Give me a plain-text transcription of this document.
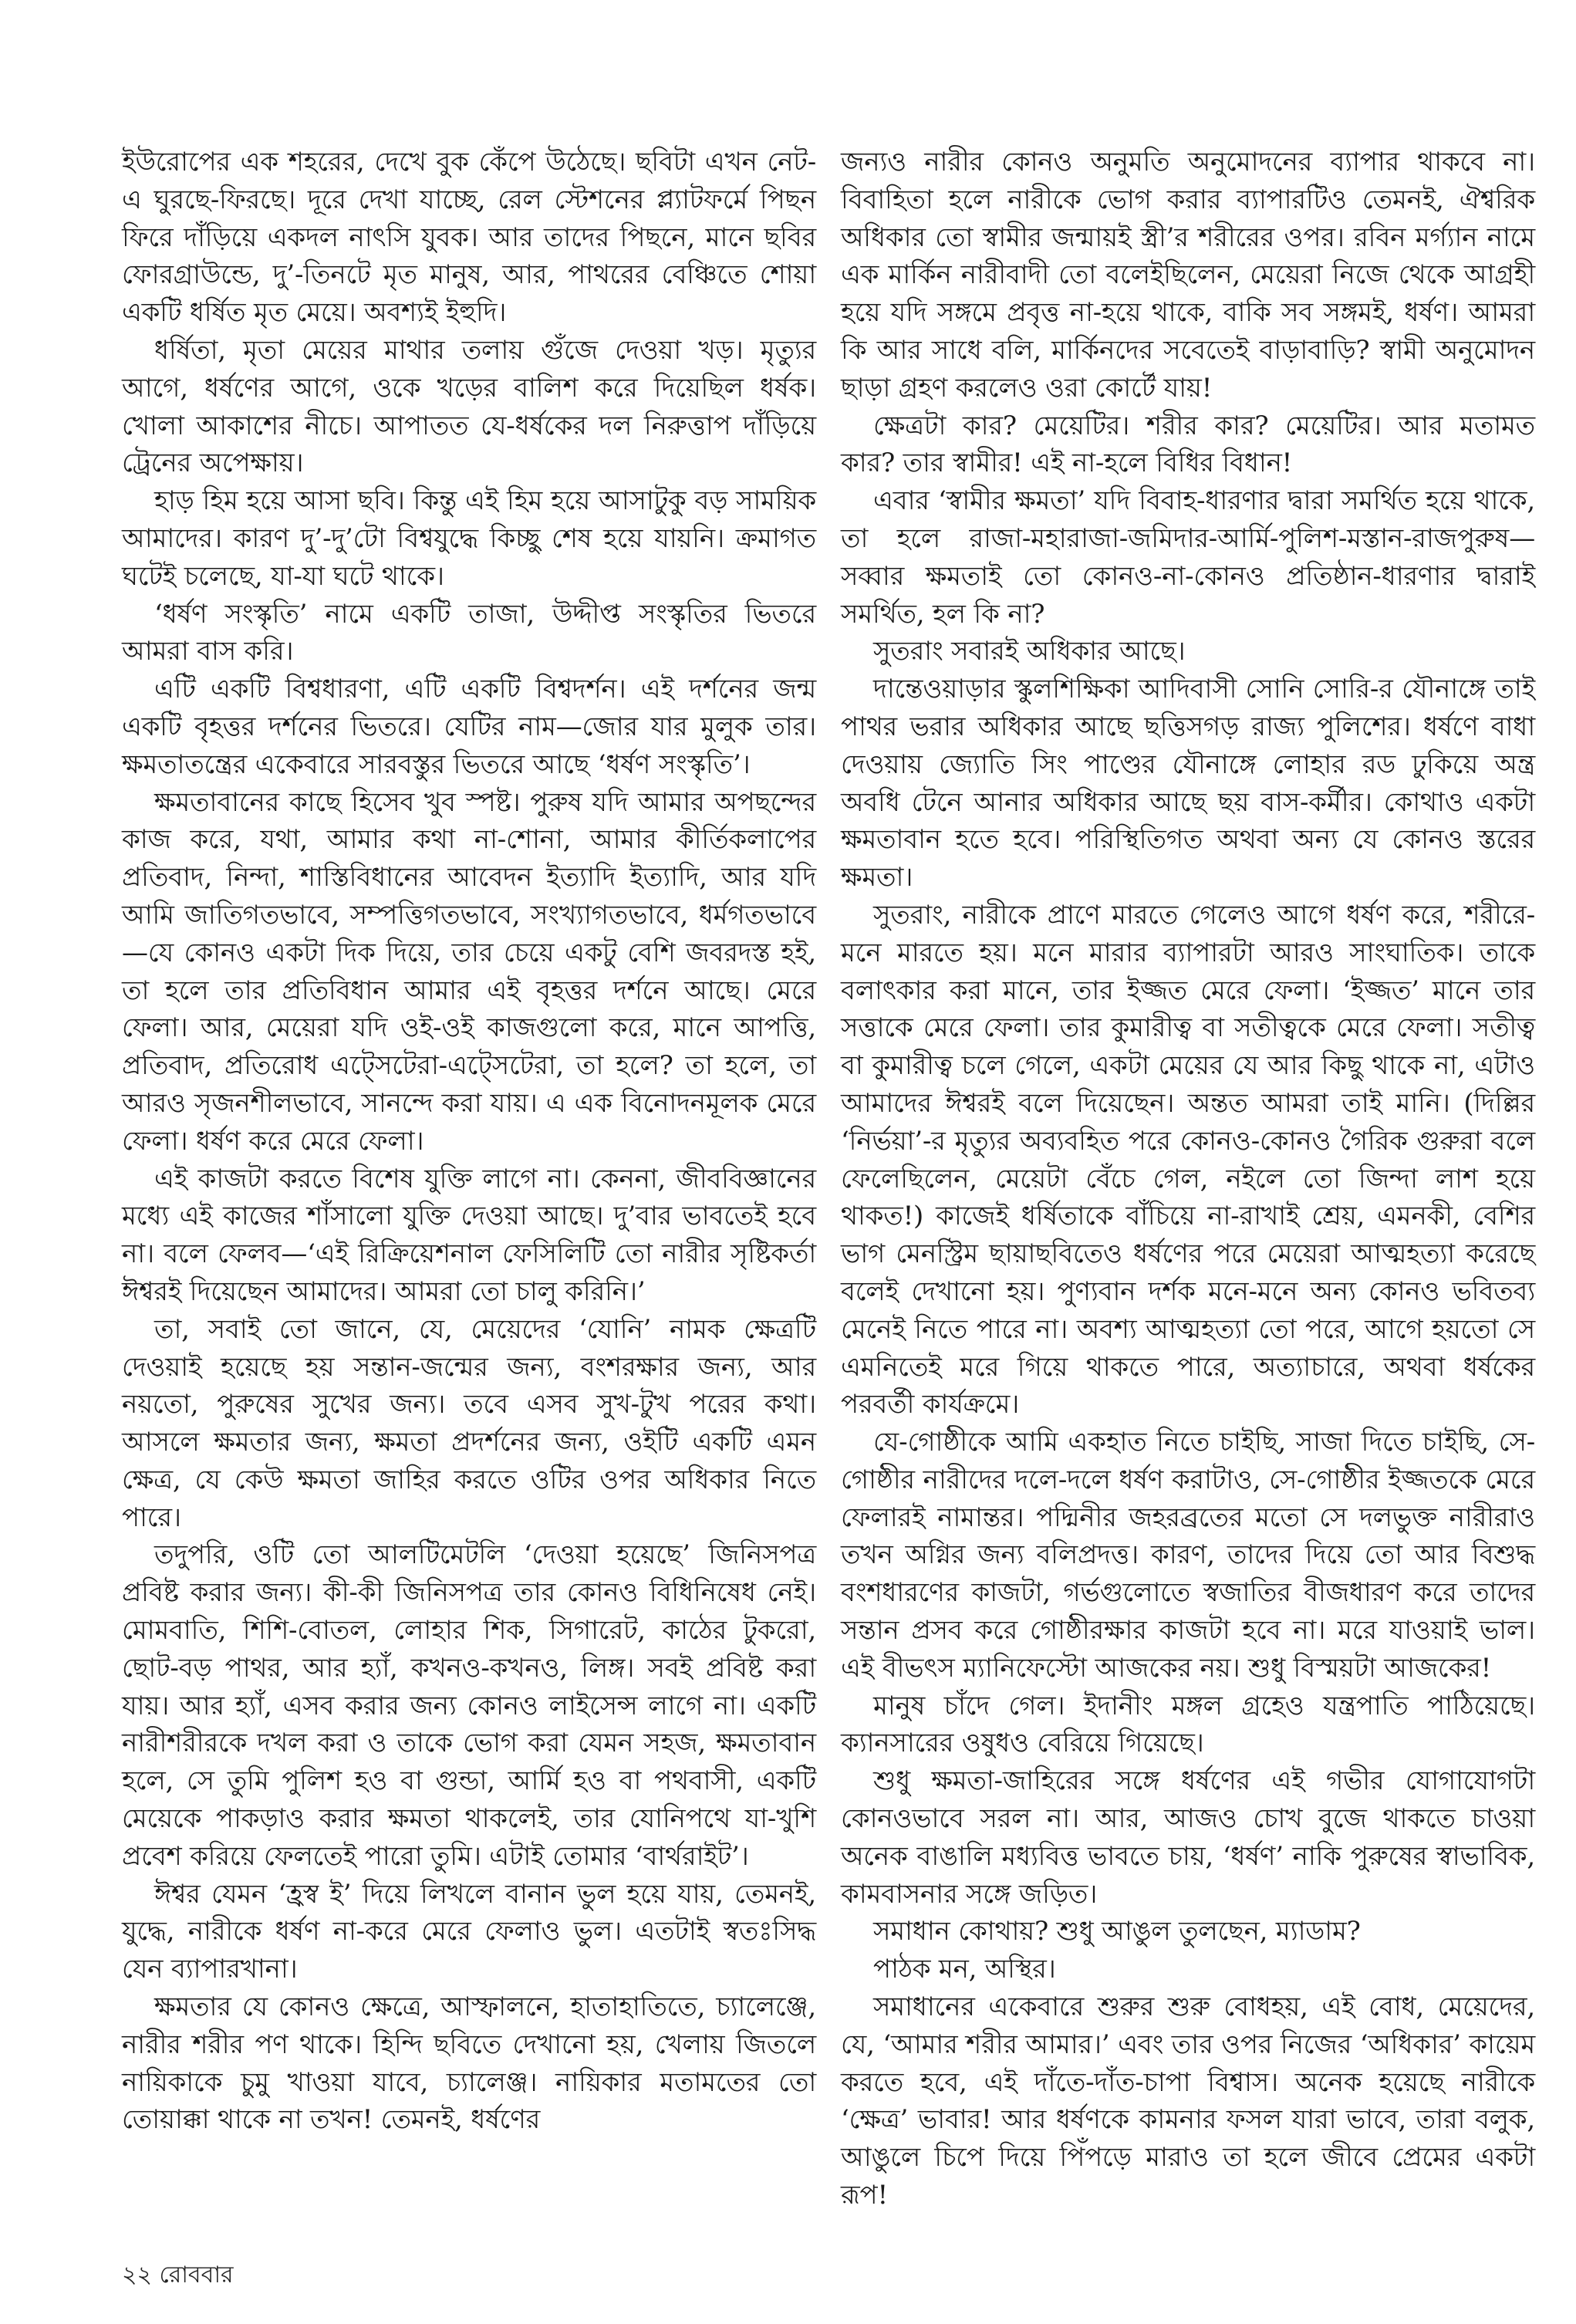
ইউরোপের এক শহরের, দেখে বুক কেঁপে উঠেছে। ছবিটা এখন নেট-এ ঘুরছে-ফিরছে। দূরে দেখা যাচ্ছে, রেল স্টেশনের প্ল্যাটফর্মে পিছন ফিরে দাঁড়িয়ে একদল নাৎসি যুবক। আর তাদের পিছনে, মানে ছবির ফোরগ্রাউন্ডে, দু’-তিনটে মৃত মানুষ, আর, পাথরের বেঞ্চিতে শোয়া একটি ধর্ষিত মৃত মেয়ে। অবশ্যই ইহুদি।

ধর্ষিতা, মৃতা মেয়ের মাথার তলায় গুঁজে দেওয়া খড়। মৃত্যুর আগে, ধর্ষণের আগে, ওকে খড়ের বালিশ করে দিয়েছিল ধর্ষক। খোলা আকাশের নীচে। আপাতত যে-ধর্ষকের দল নিরুত্তাপ দাঁড়িয়ে ট্রেনের অপেক্ষায়।

হাড় হিম হয়ে আসা ছবি। কিন্তু এই হিম হয়ে আসাটুকু বড় সাময়িক আমাদের। কারণ দু’-দু’টো বিশ্বযুদ্ধে কিচ্ছু শেষ হয়ে যায়নি। ক্রমাগত ঘটেই চলেছে, যা-যা ঘটে থাকে।

‘ধর্ষণ সংস্কৃতি’ নামে একটি তাজা, উদ্দীপ্ত সংস্কৃতির ভিতরে আমরা বাস করি।

এটি একটি বিশ্বধারণা, এটি একটি বিশ্বদর্শন। এই দর্শনের জন্ম একটি বৃহত্তর দর্শনের ভিতরে। যেটির নাম—জোর যার মুলুক তার। ক্ষমতাতন্ত্রের একেবারে সারবস্তুর ভিতরে আছে ‘ধর্ষণ সংস্কৃতি’।

ক্ষমতাবানের কাছে হিসেব খুব স্পষ্ট। পুরুষ যদি আমার অপছন্দের কাজ করে, যথা, আমার কথা না-শোনা, আমার কীর্তিকলাপের প্রতিবাদ, নিন্দা, শাস্তিবিধানের আবেদন ইত্যাদি ইত্যাদি, আর যদি আমি জাতিগতভাবে, সম্পত্তিগতভাবে, সংখ্যাগতভাবে, ধর্মগতভাবে—যে কোনও একটা দিক দিয়ে, তার চেয়ে একটু বেশি জবরদস্ত হই, তা হলে তার প্রতিবিধান আমার এই বৃহত্তর দর্শনে আছে। মেরে ফেলা। আর, মেয়েরা যদি ওই-ওই কাজগুলো করে, মানে আপত্তি, প্রতিবাদ, প্রতিরোধ এট্সেটেরা-এট্সেটেরা, তা হলে? তা হলে, তা আরও সৃজনশীলভাবে, সানন্দে করা যায়। এ এক বিনোদনমূলক মেরে ফেলা। ধর্ষণ করে মেরে ফেলা।

এই কাজটা করতে বিশেষ যুক্তি লাগে না। কেননা, জীববিজ্ঞানের মধ্যে এই কাজের শাঁসালো যুক্তি দেওয়া আছে। দু’বার ভাবতেই হবে না। বলে ফেলব—‘এই রিক্রিয়েশনাল ফেসিলিটি তো নারীর সৃষ্টিকর্তা ঈশ্বরই দিয়েছেন আমাদের। আমরা তো চালু করিনি।’

তা, সবাই তো জানে, যে, মেয়েদের ‘যোনি’ নামক ক্ষেত্রটি দেওয়াই হয়েছে হয় সন্তান-জন্মের জন্য, বংশরক্ষার জন্য, আর নয়তো, পুরুষের সুখের জন্য। তবে এসব সুখ-টুখ পরের কথা। আসলে ক্ষমতার জন্য, ক্ষমতা প্রদর্শনের জন্য, ওইটি একটি এমন ক্ষেত্র, যে কেউ ক্ষমতা জাহির করতে ওটির ওপর অধিকার নিতে পারে।

তদুপরি, ওটি তো আলটিমেটলি ‘দেওয়া হয়েছে’ জিনিসপত্র প্রবিষ্ট করার জন্য। কী-কী জিনিসপত্র তার কোনও বিধিনিষেধ নেই। মোমবাতি, শিশি-বোতল, লোহার শিক, সিগারেট, কাঠের টুকরো, ছোট-বড় পাথর, আর হ্যাঁ, কখনও-কখনও, লিঙ্গ। সবই প্রবিষ্ট করা যায়। আর হ্যাঁ, এসব করার জন্য কোনও লাইসেন্স লাগে না। একটি নারীশরীরকে দখল করা ও তাকে ভোগ করা যেমন সহজ, ক্ষমতাবান হলে, সে তুমি পুলিশ হও বা গুন্ডা, আর্মি হও বা পথবাসী, একটি মেয়েকে পাকড়াও করার ক্ষমতা থাকলেই, তার যোনিপথে যা-খুশি প্রবেশ করিয়ে ফেলতেই পারো তুমি। এটাই তোমার ‘বার্থরাইট’।

ঈশ্বর যেমন ‘হ্রস্ব ই’ দিয়ে লিখলে বানান ভুল হয়ে যায়, তেমনই, যুদ্ধে, নারীকে ধর্ষণ না-করে মেরে ফেলাও ভুল। এতটাই স্বতঃসিদ্ধ যেন ব্যাপারখানা।

ক্ষমতার যে কোনও ক্ষেত্রে, আস্ফালনে, হাতাহাতিতে, চ্যালেঞ্জে, নারীর শরীর পণ থাকে। হিন্দি ছবিতে দেখানো হয়, খেলায় জিতলে নায়িকাকে চুমু খাওয়া যাবে, চ্যালেঞ্জ। নায়িকার মতামতের তো তোয়াক্কা থাকে না তখন! তেমনই, ধর্ষণের

জন্যও নারীর কোনও অনুমতি অনুমোদনের ব্যাপার থাকবে না। বিবাহিতা হলে নারীকে ভোগ করার ব্যাপারটিও তেমনই, ঐশ্বরিক অধিকার তো স্বামীর জন্মায়ই স্ত্রী’র শরীরের ওপর। রবিন মর্গ্যান নামে এক মার্কিন নারীবাদী তো বলেইছিলেন, মেয়েরা নিজে থেকে আগ্রহী হয়ে যদি সঙ্গমে প্রবৃত্ত না-হয়ে থাকে, বাকি সব সঙ্গমই, ধর্ষণ। আমরা কি আর সাধে বলি, মার্কিনদের সবেতেই বাড়াবাড়ি? স্বামী অনুমোদন ছাড়া গ্রহণ করলেও ওরা কোর্টে যায়!

ক্ষেত্রটা কার? মেয়েটির। শরীর কার? মেয়েটির। আর মতামত কার? তার স্বামীর! এই না-হলে বিধির বিধান!

এবার ‘স্বামীর ক্ষমতা’ যদি বিবাহ-ধারণার দ্বারা সমর্থিত হয়ে থাকে, তা হলে রাজা-মহারাজা-জমিদার-আর্মি-পুলিশ-মস্তান-রাজপুরুষ—সব্বার ক্ষমতাই তো কোনও-না-কোনও প্রতিষ্ঠান-ধারণার দ্বারাই সমর্থিত, হল কি না?

সুতরাং সবারই অধিকার আছে।

দান্তেওয়াড়ার স্কুলশিক্ষিকা আদিবাসী সোনি সোরি-র যৌনাঙ্গে তাই পাথর ভরার অধিকার আছে ছত্তিসগড় রাজ্য পুলিশের। ধর্ষণে বাধা দেওয়ায় জ্যোতি সিং পাণ্ডের যৌনাঙ্গে লোহার রড ঢুকিয়ে অন্ত্র অবধি টেনে আনার অধিকার আছে ছয় বাস-কর্মীর। কোথাও একটা ক্ষমতাবান হতে হবে। পরিস্থিতিগত অথবা অন্য যে কোনও স্তরের ক্ষমতা।

সুতরাং, নারীকে প্রাণে মারতে গেলেও আগে ধর্ষণ করে, শরীরে-মনে মারতে হয়। মনে মারার ব্যাপারটা আরও সাংঘাতিক। তাকে বলাৎকার করা মানে, তার ইজ্জত মেরে ফেলা। ‘ইজ্জত’ মানে তার সত্তাকে মেরে ফেলা। তার কুমারীত্ব বা সতীত্বকে মেরে ফেলা। সতীত্ব বা কুমারীত্ব চলে গেলে, একটা মেয়ের যে আর কিছু থাকে না, এটাও আমাদের ঈশ্বরই বলে দিয়েছেন। অন্তত আমরা তাই মানি। (দিল্লির ‘নির্ভয়া’-র মৃত্যুর অব্যবহিত পরে কোনও-কোনও গৈরিক গুরুরা বলে ফেলেছিলেন, মেয়েটা বেঁচে গেল, নইলে তো জিন্দা লাশ হয়ে থাকত!) কাজেই ধর্ষিতাকে বাঁচিয়ে না-রাখাই শ্রেয়, এমনকী, বেশির ভাগ মেনস্ট্রিম ছায়াছবিতেও ধর্ষণের পরে মেয়েরা আত্মহত্যা করেছে বলেই দেখানো হয়। পুণ্যবান দর্শক মনে-মনে অন্য কোনও ভবিতব্য মেনেই নিতে পারে না। অবশ্য আত্মহত্যা তো পরে, আগে হয়তো সে এমনিতেই মরে গিয়ে থাকতে পারে, অত্যাচারে, অথবা ধর্ষকের পরবর্তী কার্যক্রমে।

যে-গোষ্ঠীকে আমি একহাত নিতে চাইছি, সাজা দিতে চাইছি, সে-গোষ্ঠীর নারীদের দলে-দলে ধর্ষণ করাটাও, সে-গোষ্ঠীর ইজ্জতকে মেরে ফেলারই নামান্তর। পদ্মিনীর জহরব্রতের মতো সে দলভুক্ত নারীরাও তখন অগ্নির জন্য বলিপ্রদত্ত। কারণ, তাদের দিয়ে তো আর বিশুদ্ধ বংশধারণের কাজটা, গর্ভগুলোতে স্বজাতির বীজধারণ করে তাদের সন্তান প্রসব করে গোষ্ঠীরক্ষার কাজটা হবে না। মরে যাওয়াই ভাল। এই বীভৎস ম্যানিফেস্টো আজকের নয়। শুধু বিস্ময়টা আজকের!

মানুষ চাঁদে গেল। ইদানীং মঙ্গল গ্রহেও যন্ত্রপাতি পাঠিয়েছে। ক্যানসারের ওষুধও বেরিয়ে গিয়েছে।

শুধু ক্ষমতা-জাহিরের সঙ্গে ধর্ষণের এই গভীর যোগাযোগটা কোনওভাবে সরল না। আর, আজও চোখ বুজে থাকতে চাওয়া অনেক বাঙালি মধ্যবিত্ত ভাবতে চায়, ‘ধর্ষণ’ নাকি পুরুষের স্বাভাবিক, কামবাসনার সঙ্গে জড়িত।

সমাধান কোথায়? শুধু আঙুল তুলছেন, ম্যাডাম?

পাঠক মন, অস্থির।

সমাধানের একেবারে শুরুর শুরু বোধহয়, এই বোধ, মেয়েদের, যে, ‘আমার শরীর আমার।’ এবং তার ওপর নিজের ‘অধিকার’ কায়েম করতে হবে, এই দাঁতে-দাঁত-চাপা বিশ্বাস। অনেক হয়েছে নারীকে ‘ক্ষেত্র’ ভাবার! আর ধর্ষণকে কামনার ফসল যারা ভাবে, তারা বলুক, আঙুলে চিপে দিয়ে পিঁপড়ে মারাও তা হলে জীবে প্রেমের একটা রূপ!

২২ রোববার
